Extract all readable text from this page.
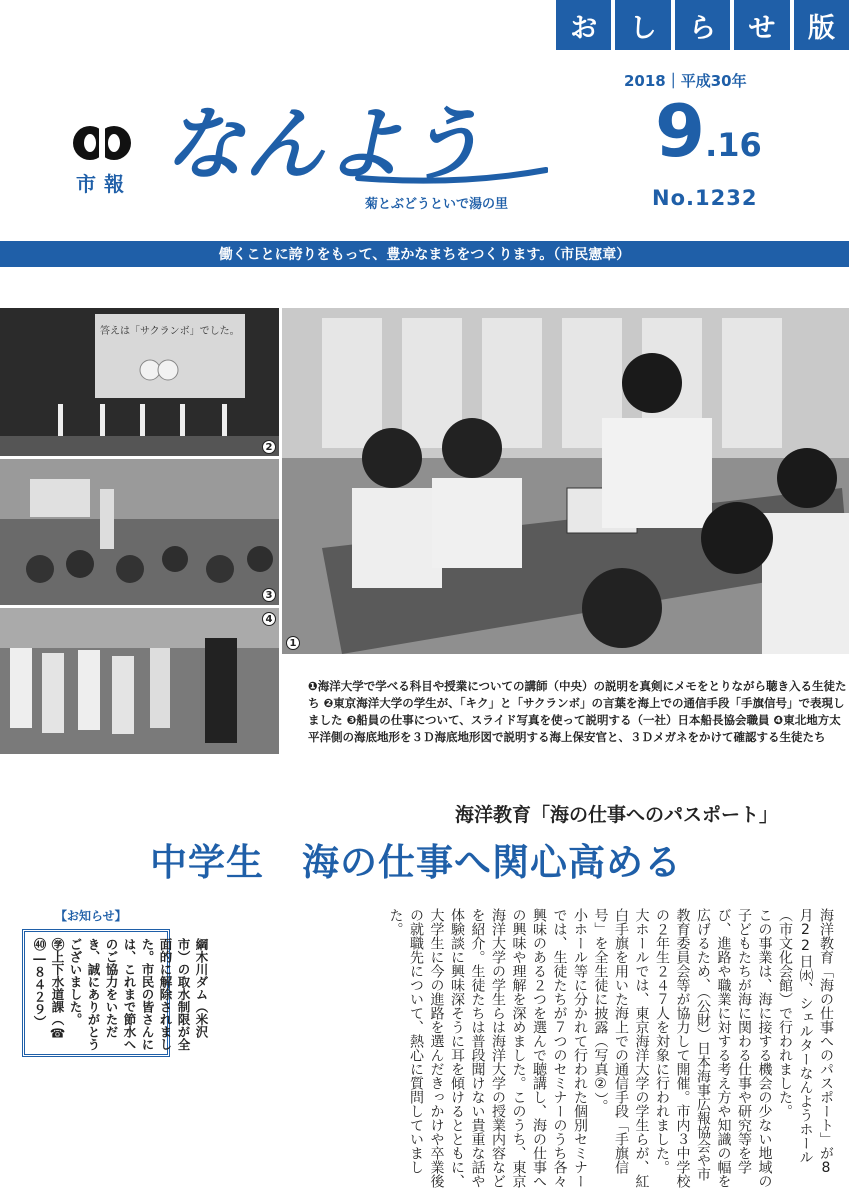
お	し	ら	せ	版
2018｜平成30年
9.16
No.1232
市報 なんよう
菊とぶどうといで湯の里
働くことに誇りをもって、豊かなまちをつくります。（市民憲章）
答えは「サクランボ」でした。
2
3
4
1
❶海洋大学で学べる科目や授業についての講師（中央）の説明を真剣にメモをとりながら聴き入る生徒たち ❷東京海洋大学の学生が、「キク」と「サクランボ」の言葉を海上での通信手段「手旗信号」で表現しました ❸船員の仕事について、スライド写真を使って説明する（一社）日本船長協会職員 ❹東北地方太平洋側の海底地形を３Ｄ海底地形図で説明する海上保安官と、３Ｄメガネをかけて確認する生徒たち
海洋教育「海の仕事へのパスポート」
中学生　海の仕事へ関心高める
【お知らせ】
綱木川ダム（米沢市）の取水制限が全面的に解除されました。市民の皆さんには、これまで節水へのご協力をいただき、誠にありがとうございました。
㊫上下水道課（☎㊵―８４２９）	海洋教育「海の仕事へのパスポート」が8月22日㈬、シェルターなんようホール（市文化会館）で行われました。

この事業は、海に接する機会の少ない地域の子どもたちが海に関わる仕事や研究等を学び、進路や職業に対する考え方や知識の幅を広げるため、（公財）日本海事広報協会や市教育委員会等が協力して開催。市内３中学校の２年生２４７人を対象に行われました。

大ホールでは、東京海洋大学の学生らが、紅白手旗を用いた海上での通信手段「手旗信号」を全生徒に披露（写真②）。

小ホール等に分かれて行われた個別セミナーでは、生徒たちが７つのセミナーのうち各々興味のある２つを選んで聴講し、海の仕事への興味や理解を深めました。このうち、東京海洋大学の学生らは海洋大学の授業内容などを紹介。生徒たちは普段聞けない貴重な話や体験談に興味深そうに耳を傾けるとともに、大学生に今の進路を選んだきっかけや卒業後の就職先について、熱心に質問していました。
